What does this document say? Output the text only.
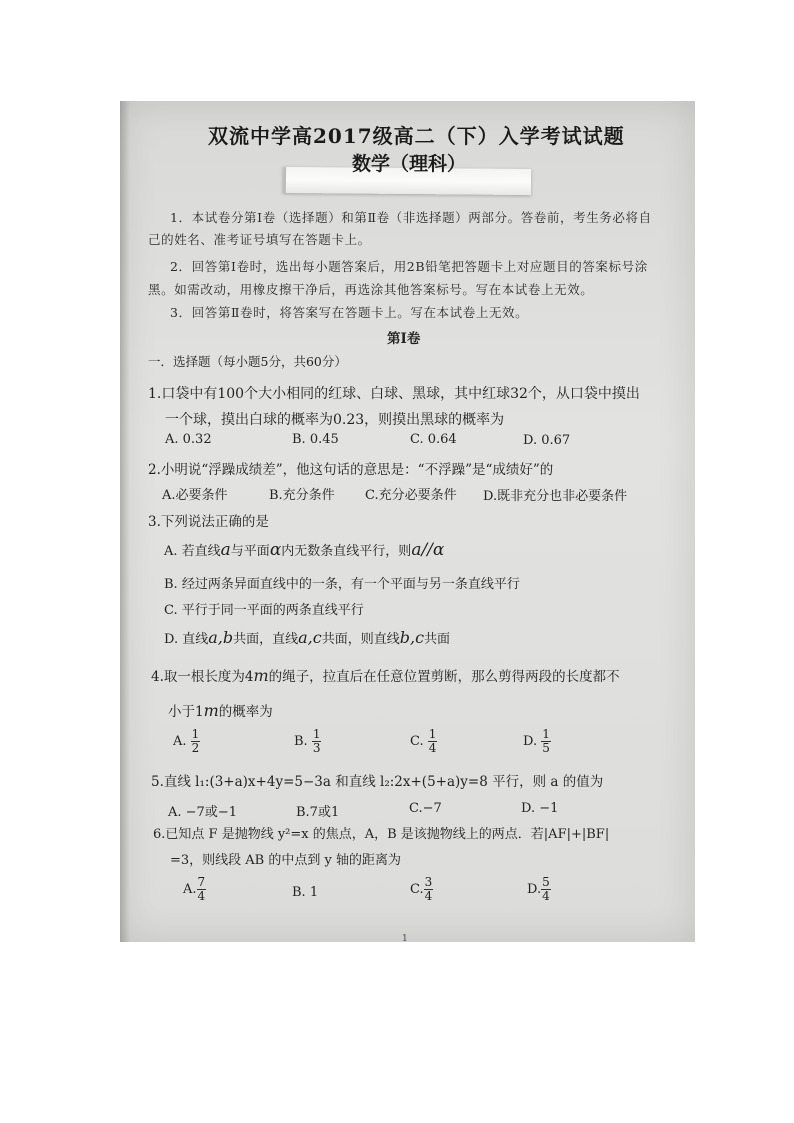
双流中学高2017级高二（下）入学考试试题
数学（理科）
1．本试卷分第Ⅰ卷（选择题）和第Ⅱ卷（非选择题）两部分。答卷前，考生务必将自
己的姓名、准考证号填写在答题卡上。
2．回答第Ⅰ卷时，选出每小题答案后，用2B铅笔把答题卡上对应题目的答案标号涂
黑。如需改动，用橡皮擦干净后，再选涂其他答案标号。写在本试卷上无效。
3．回答第Ⅱ卷时，将答案写在答题卡上。写在本试卷上无效。
第Ⅰ卷
一．选择题（每小题5分，共60分）
1.口袋中有100个大小相同的红球、白球、黑球，其中红球32个，从口袋中摸出
一个球，摸出白球的概率为0.23，则摸出黑球的概率为
A. 0.32	B. 0.45	C. 0.64	D. 0.67
2.小明说“浮躁成绩差”，他这句话的意思是：“不浮躁”是“成绩好”的
A.必要条件	B.充分条件 C.充分必要条件 D.既非充分也非必要条件
3.下列说法正确的是
A. 若直线a与平面α内无数条直线平行，则a//α
B. 经过两条异面直线中的一条，有一个平面与另一条直线平行
C. 平行于同一平面的两条直线平行
D. 直线a,b共面，直线a,c共面，则直线b,c共面
4.取一根长度为4m的绳子，拉直后在任意位置剪断，那么剪得两段的长度都不
小于1m的概率为
A. $\frac{1}{2}$	B. $\frac{1}{3}$	C. $\frac{1}{4}$	D. $\frac{1}{5}$
5.直线 l₁:(3+a)x+4y=5−3a 和直线 l₂:2x+(5+a)y=8 平行，则 a 的值为
A. −7或−1	B.7或1	C.−7	D. −1
6.已知点 F 是抛物线 y²=x 的焦点，A，B 是该抛物线上的两点．若|AF|+|BF|
=3，则线段 AB 的中点到 y 轴的距离为
A. $\frac{7}{4}$	B. 1	C. $\frac{3}{4}$	D. $\frac{5}{4}$
1
